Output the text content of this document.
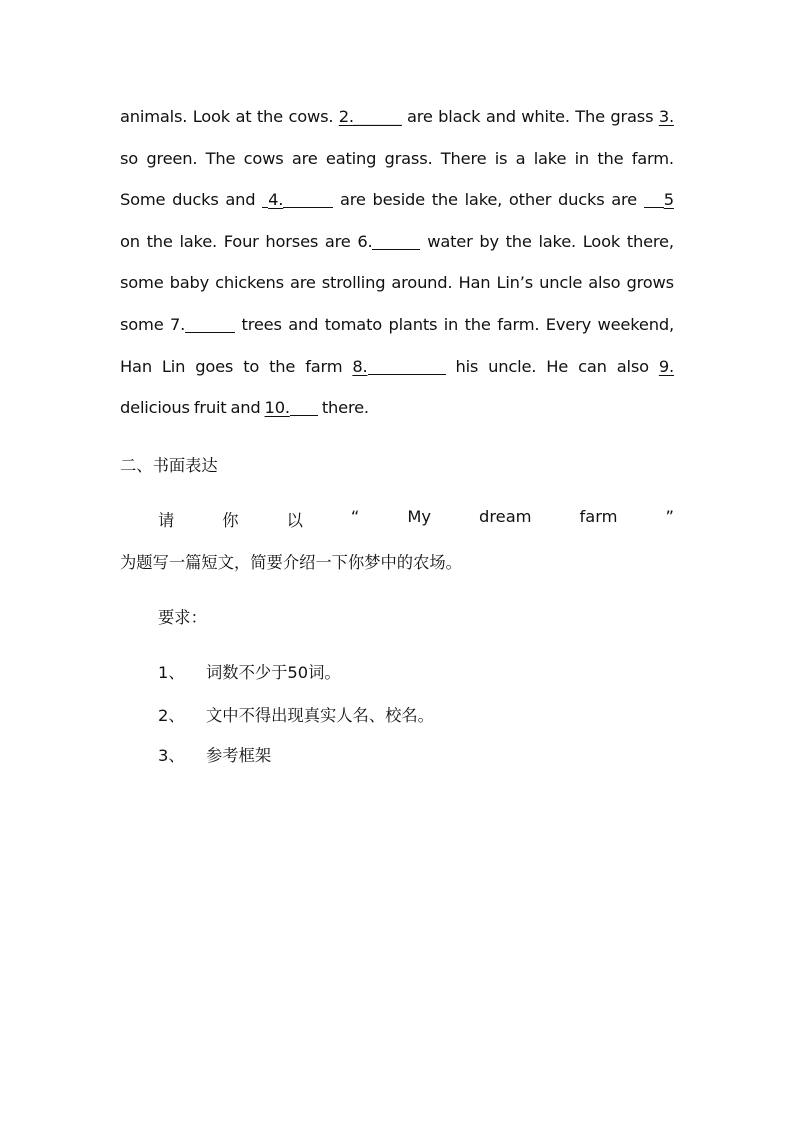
animals. Look at the cows. 2.______ are black and white. The grass 3.
so green. The cows are eating grass. There is a lake in the farm.
Some ducks and 4.	are beside the lake, other ducks are	5
on the lake. Four horses are 6.	water by the lake. Look there,
some baby chickens are strolling around. Han Lin’s uncle also grows
some 7.	trees and tomato plants in the farm. Every weekend,
Han Lin goes to the farm 8.	his uncle. He can also 9.
delicious fruit and 10.	there.
二、书面表达
请	你	以	“	My	dream	farm	”
为题写一篇短文，简要介绍一下你梦中的农场。
要求：
1、	词数不少于50词。
2、	文中不得出现真实人名、校名。
3、	参考框架
